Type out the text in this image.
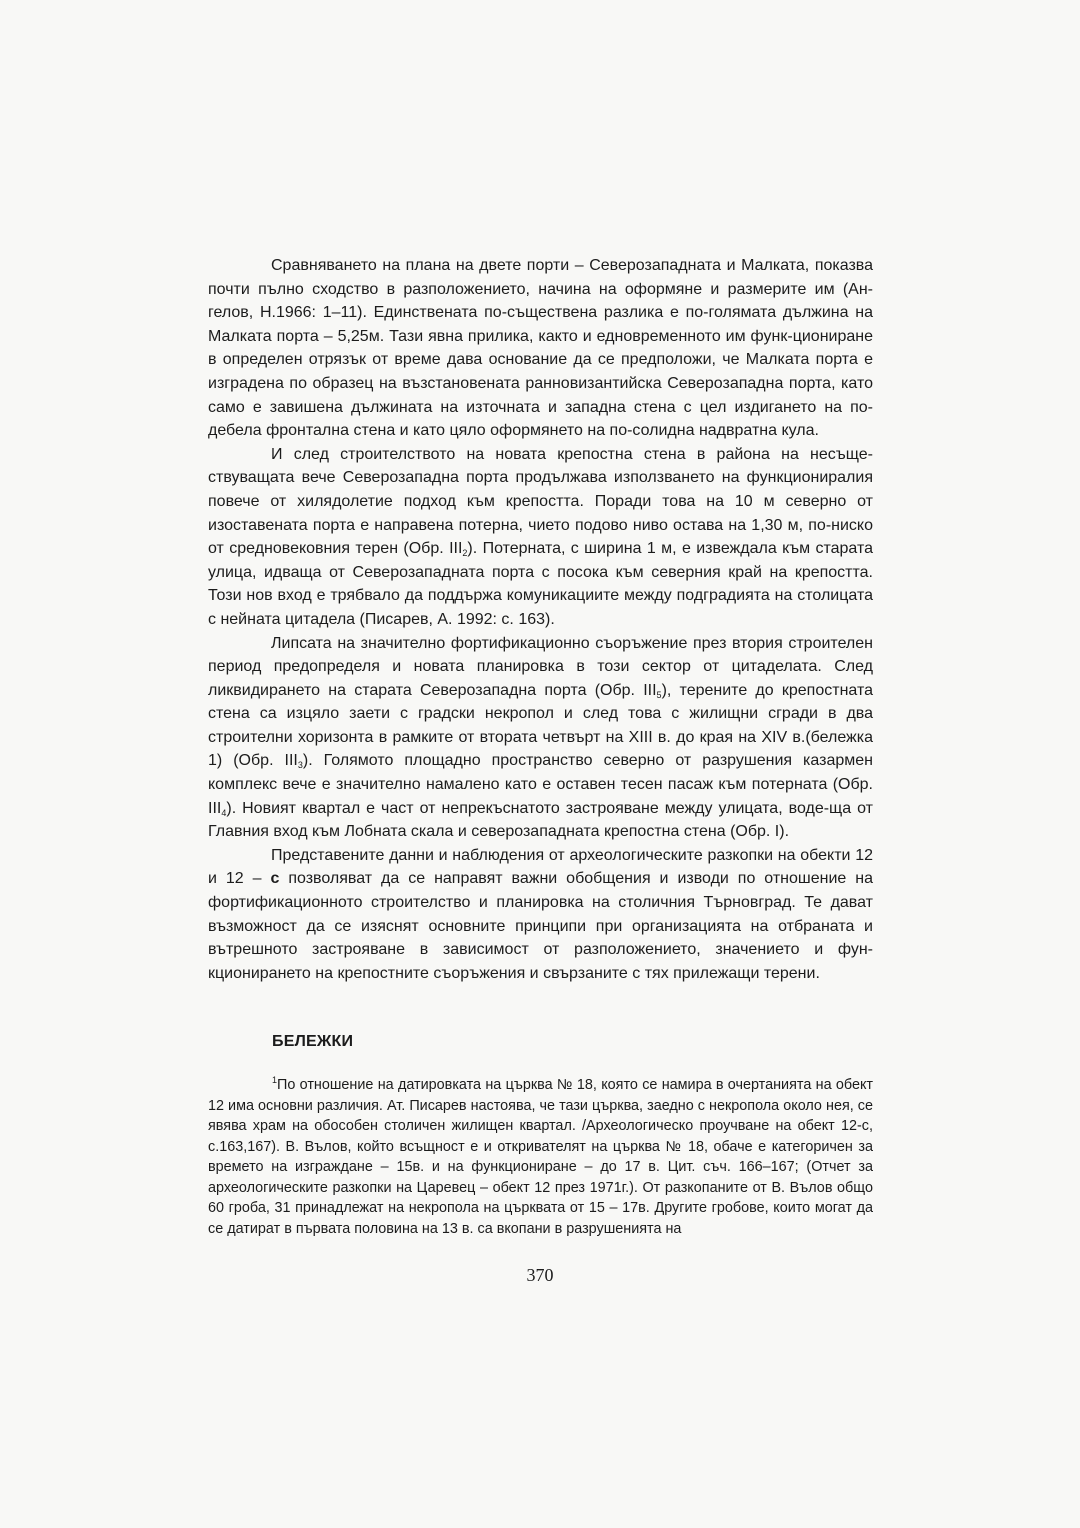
Сравняването на плана на двете порти – Северозападната и Малката, показва почти пълно сходство в разположението, начина на оформяне и размерите им (Ан-гелов, Н.1966: 1–11). Единствената по-съществена разлика е по-голямата дължина на Малката порта – 5,25м. Тази явна прилика, както и едновременното им функ-циониране в определен отрязък от време дава основание да се предположи, че Малката порта е изградена по образец на възстановената ранновизантийска Северозападна порта, като само е завишена дължината на източната и западна стена с цел издигането на по-дебела фронтална стена и като цяло оформянето на по-солидна надвратна кула.

И след строителството на новата крепостна стена в района на несъще-ствуващата вече Северозападна порта продължава използването на функциониралия повече от хилядолетие подход към крепостта. Поради това на 10 м северно от изоставената порта е направена потерна, чието подово ниво остава на 1,30 м, по-ниско от средновековния терен (Обр. $III_2$). Потерната, с ширина 1 м, е извеждала към старата улица, идваща от Северозападната порта с посока към северния край на крепостта. Този нов вход е трябвало да поддържа комуникациите между подградията на столицата с нейната цитадела (Писарев, А. 1992: с. 163).

Липсата на значително фортификационно съоръжение през втория строителен период предопределя и новата планировка в този сектор от цитаделата. След ликвидирането на старата Северозападна порта (Обр. $III_5$), терените до крепостната стена са изцяло заети с градски некропол и след това с жилищни сгради в два строителни хоризонта в рамките от втората четвърт на XIII в. до края на XIV в.(бележка 1) (Обр. $III_3$). Голямото площадно пространство северно от разрушения казармен комплекс вече е значително намалено като е оставен тесен пасаж към потерната (Обр. $III_4$). Новият квартал е част от непрекъснатото застрояване между улицата, воде-ща от Главния вход към Лобната скала и северозападната крепостна стена (Обр. I).

Представените данни и наблюдения от археологическите разкопки на обекти 12 и 12 – с позволяват да се направят важни обобщения и изводи по отношение на фортификационното строителство и планировка на столичния Търновград. Те дават възможност да се изяснят основните принципи при организацията на отбраната и вътрешното застрояване в зависимост от разположението, значението и фун-кционирането на крепостните съоръжения и свързаните с тях прилежащи терени.

БЕЛЕЖКИ

$^1$По отношение на датировката на църква № 18, която се намира в очертанията на обект 12 има основни различия. Ат. Писарев настоява, че тази църква, заедно с некропола около нея, се явява храм на обособен столичен жилищен квартал. /Археологическо проучване на обект 12-с, с.163,167). В. Вълов, който всъщност е и откривателят на църква № 18, обаче е категоричен за времето на изграждане – 15в. и на функциониране – до 17 в. Цит. съч. 166–167; (Отчет за археологическите разкопки на Царевец – обект 12 през 1971г.). От разкопаните от В. Вълов общо 60 гроба, 31 принадлежат на некропола на църквата от 15 – 17в. Другите гробове, които могат да се датират в първата половина на 13 в. са вкопани в разрушенията на

370
